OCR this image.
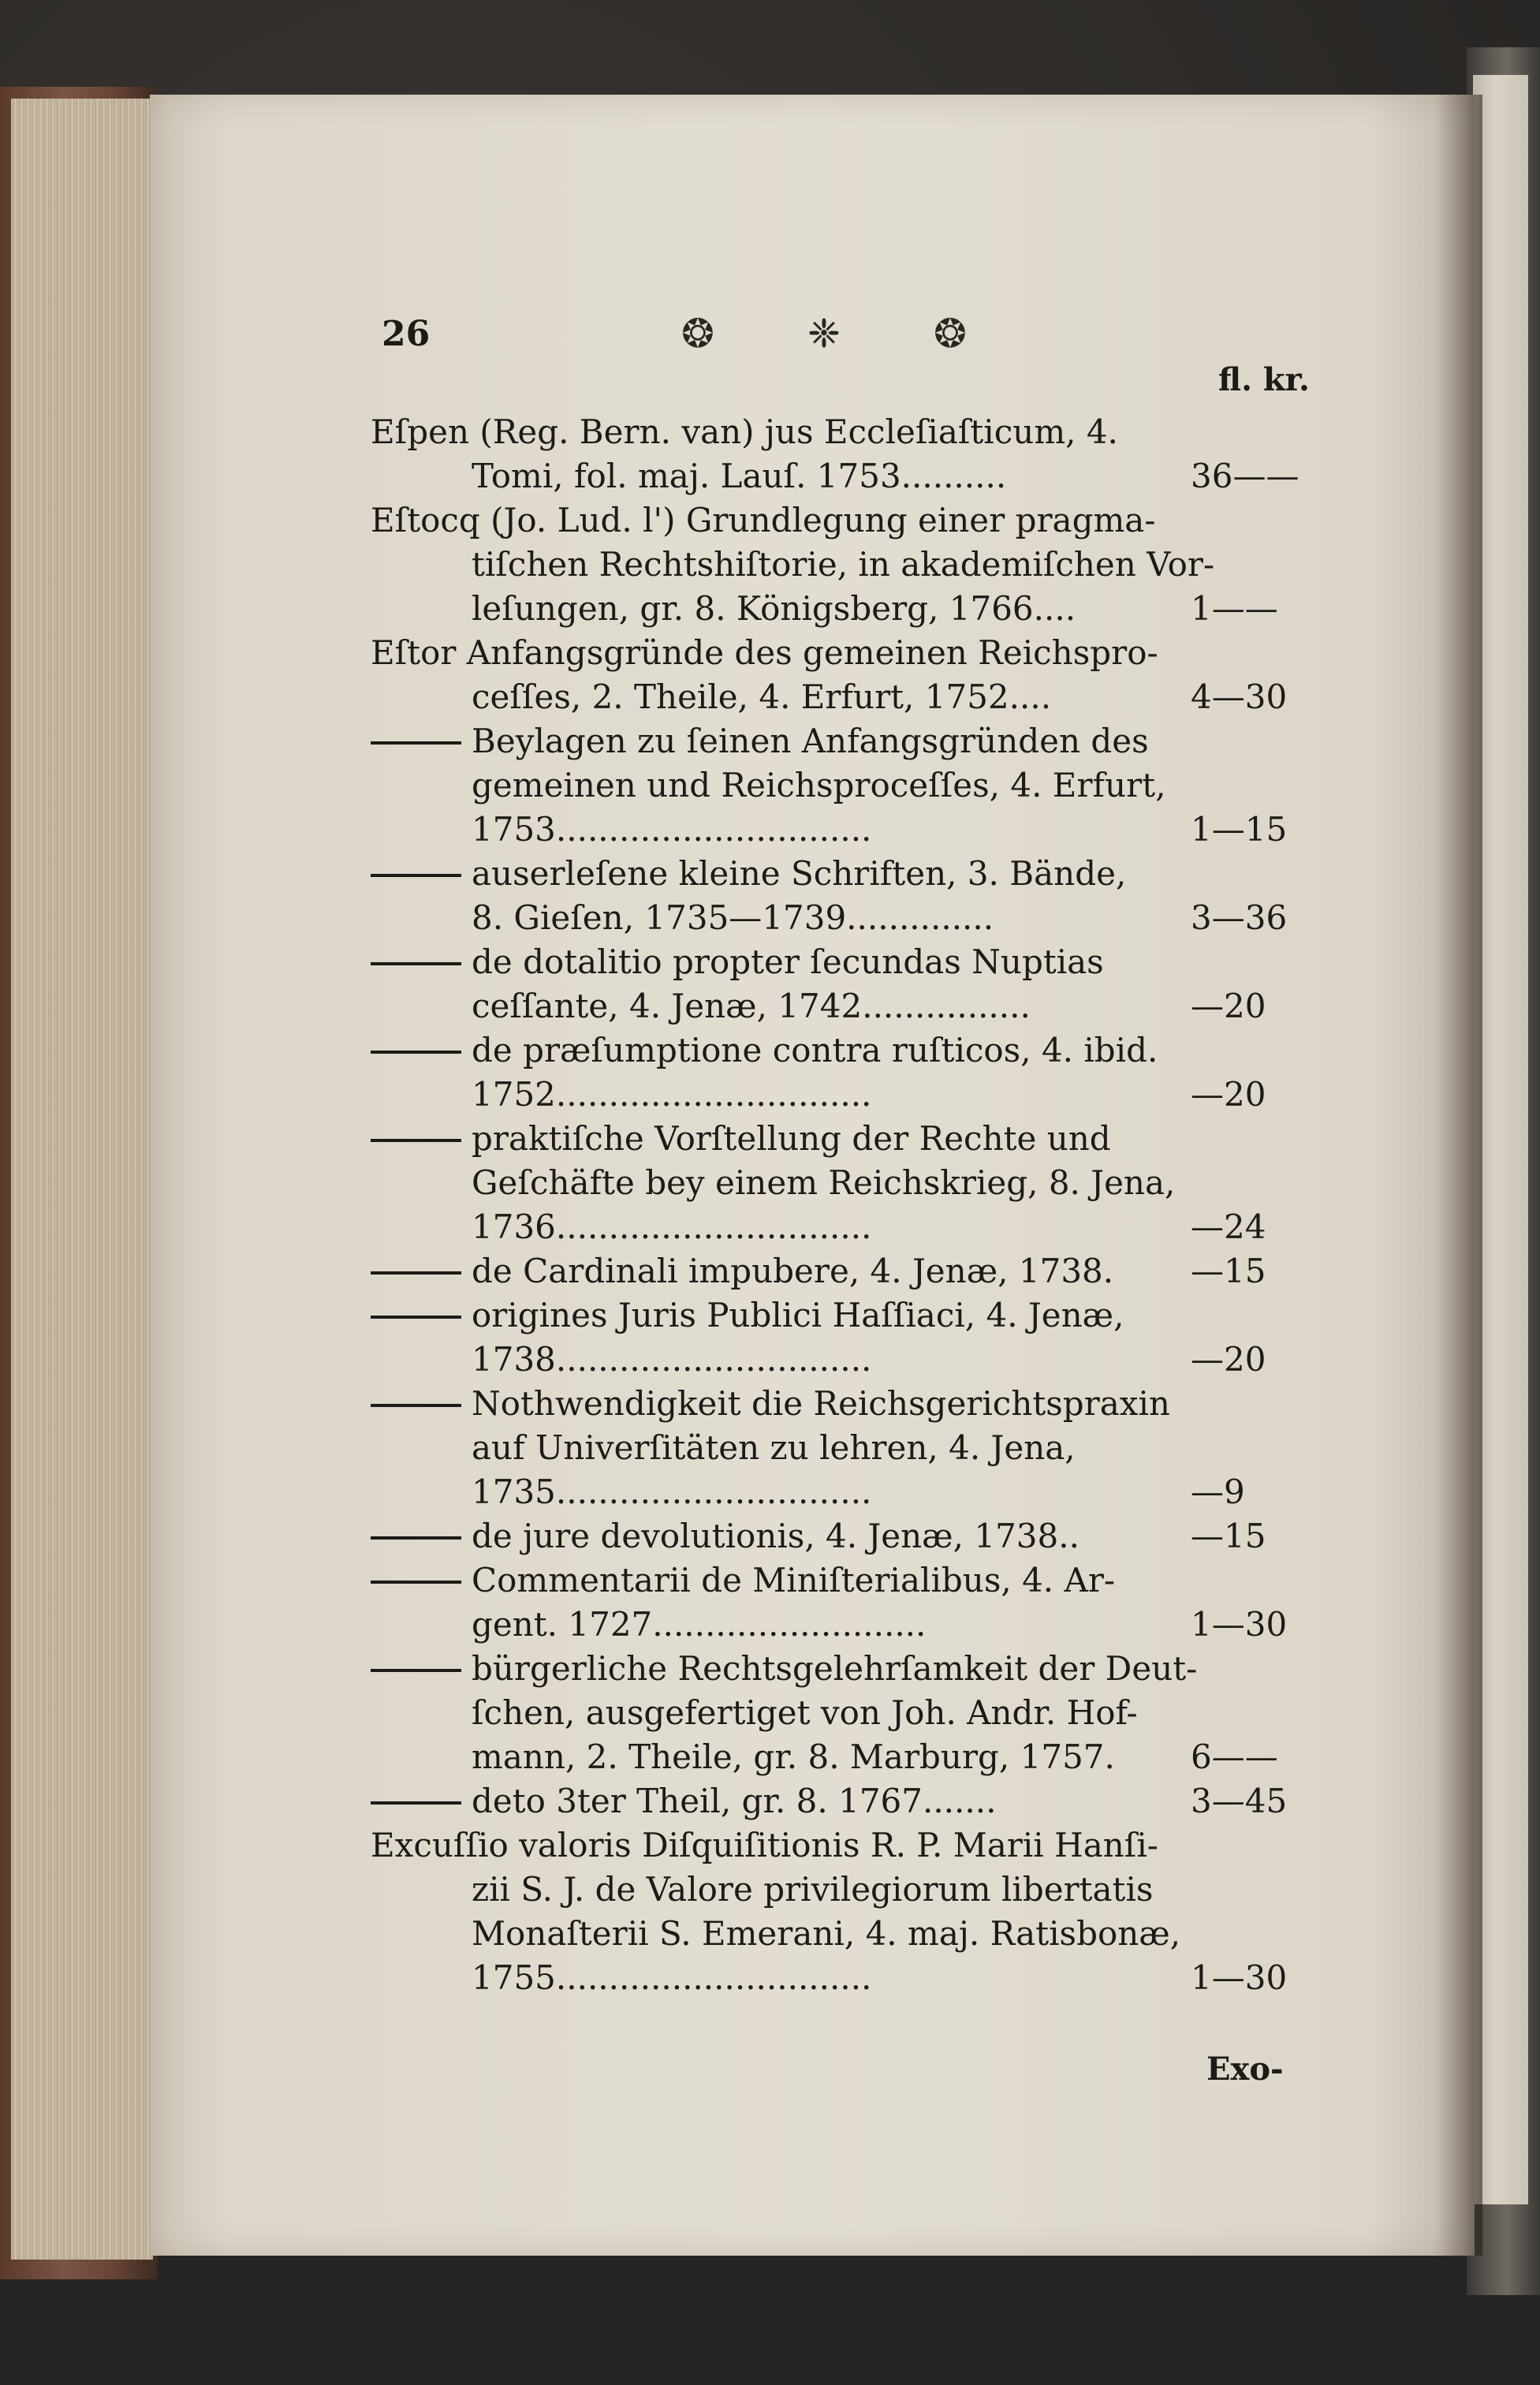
26	❂ ❈ ❂
fl. kr.
Eſpen (Reg. Bern. van) jus Eccleſiaſticum, 4.
Tomi, fol. maj. Lauſ. 1753..........	36——
Eſtocq (Jo. Lud. l') Grundlegung einer pragma-
tiſchen Rechtshiſtorie, in akademiſchen Vor-
leſungen, gr. 8. Königsberg, 1766....	1——
Eſtor Anfangsgründe des gemeinen Reichspro-
ceſſes, 2. Theile, 4. Erfurt, 1752....	4—30
Beylagen zu ſeinen Anfangsgründen des
gemeinen und Reichsproceſſes, 4. Erfurt,
1753..............................	1—15
auserleſene kleine Schriften, 3. Bände,
8. Gieſen, 1735—1739..............	3—36
de dotalitio propter ſecundas Nuptias
ceſſante, 4. Jenæ, 1742................	—20
de præſumptione contra ruſticos, 4. ibid.
1752..............................	—20
praktiſche Vorſtellung der Rechte und
Geſchäfte bey einem Reichskrieg, 8. Jena,
1736..............................	—24
de Cardinali impubere, 4. Jenæ, 1738. —15
origines Juris Publici Haſſiaci, 4. Jenæ,
1738..............................	—20
Nothwendigkeit die Reichsgerichtspraxin
auf Univerſitäten zu lehren, 4. Jena,
1735..............................	—9
de jure devolutionis, 4. Jenæ, 1738..	—15
Commentarii de Miniſterialibus, 4. Ar-
gent. 1727..........................	1—30
bürgerliche Rechtsgelehrſamkeit der Deut-
ſchen, ausgefertiget von Joh. Andr. Hof-
mann, 2. Theile, gr. 8. Marburg, 1757. 6——
deto 3ter Theil, gr. 8. 1767.......	3—45
Excuſſio valoris Diſquiſitionis R. P. Marii Hanſi-
zii S. J. de Valore privilegiorum libertatis
Monaſterii S. Emerani, 4. maj. Ratisbonæ,
1755..............................	1—30
Exo-
